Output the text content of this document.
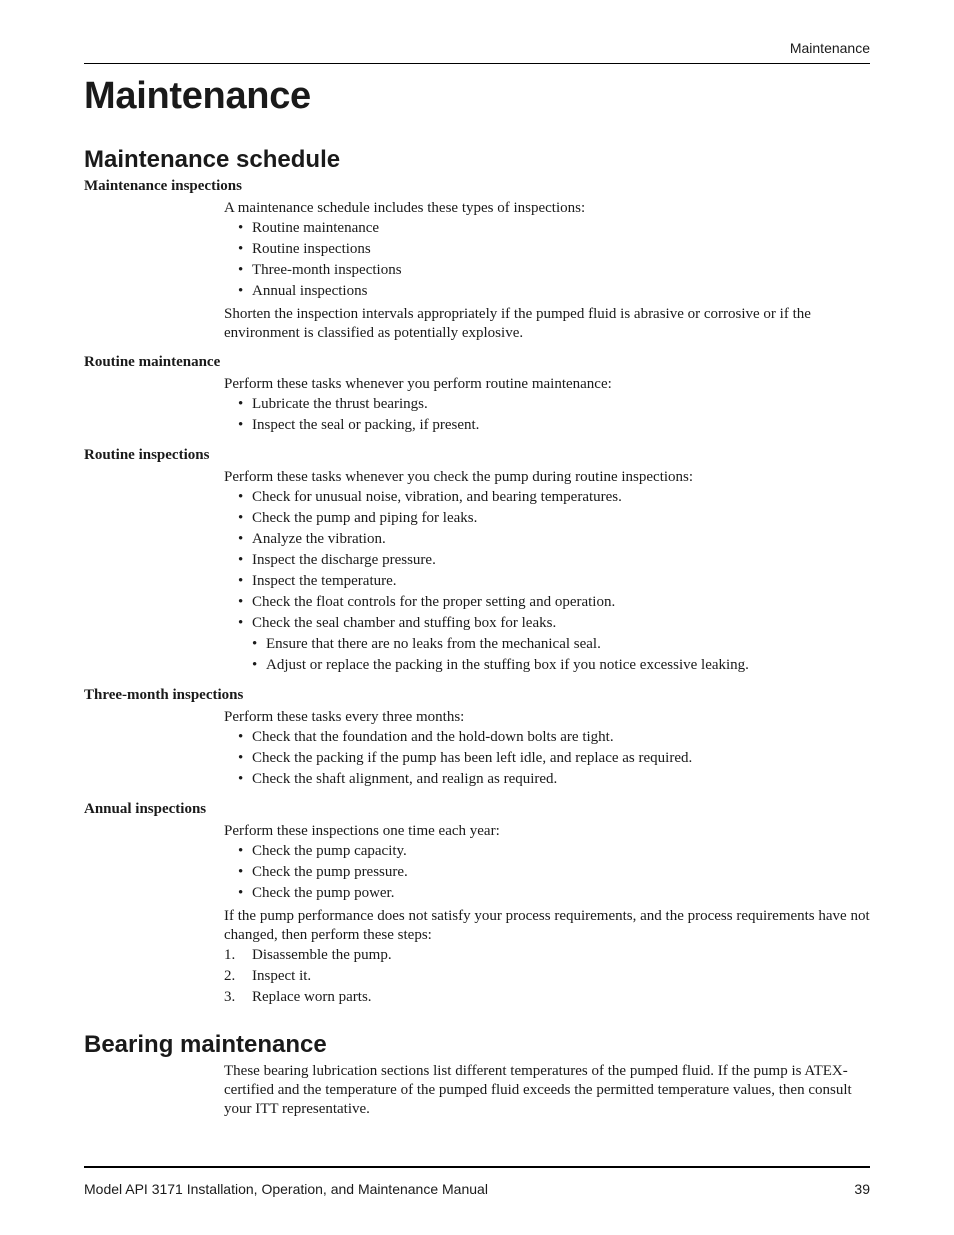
Maintenance
Maintenance
Maintenance schedule
Maintenance inspections

A maintenance schedule includes these types of inspections:

• Routine maintenance
• Routine inspections
• Three-month inspections
• Annual inspections

Shorten the inspection intervals appropriately if the pumped fluid is abrasive or corrosive or if the environment is classified as potentially explosive.

Routine maintenance

Perform these tasks whenever you perform routine maintenance:

• Lubricate the thrust bearings.
• Inspect the seal or packing, if present.
Routine inspections

Perform these tasks whenever you check the pump during routine inspections:

• Check for unusual noise, vibration, and bearing temperatures.
• Check the pump and piping for leaks.
• Analyze the vibration.
• Inspect the discharge pressure.
• Inspect the temperature.
• Check the float controls for the proper setting and operation.
• Check the seal chamber and stuffing box for leaks.
• Ensure that there are no leaks from the mechanical seal.
• Adjust or replace the packing in the stuffing box if you notice excessive leaking.
Three-month inspections

Perform these tasks every three months:

• Check that the foundation and the hold-down bolts are tight.
• Check the packing if the pump has been left idle, and replace as required.
• Check the shaft alignment, and realign as required.
Annual inspections

Perform these inspections one time each year:

• Check the pump capacity.
• Check the pump pressure.
• Check the pump power.

If the pump performance does not satisfy your process requirements, and the process requirements have not changed, then perform these steps:

1. Disassemble the pump.
2. Inspect it.
3. Replace worn parts.
Bearing maintenance

These bearing lubrication sections list different temperatures of the pumped fluid. If the pump is ATEX-certified and the temperature of the pumped fluid exceeds the permitted temperature values, then consult your ITT representative.

Model API 3171 Installation, Operation, and Maintenance Manual	39
